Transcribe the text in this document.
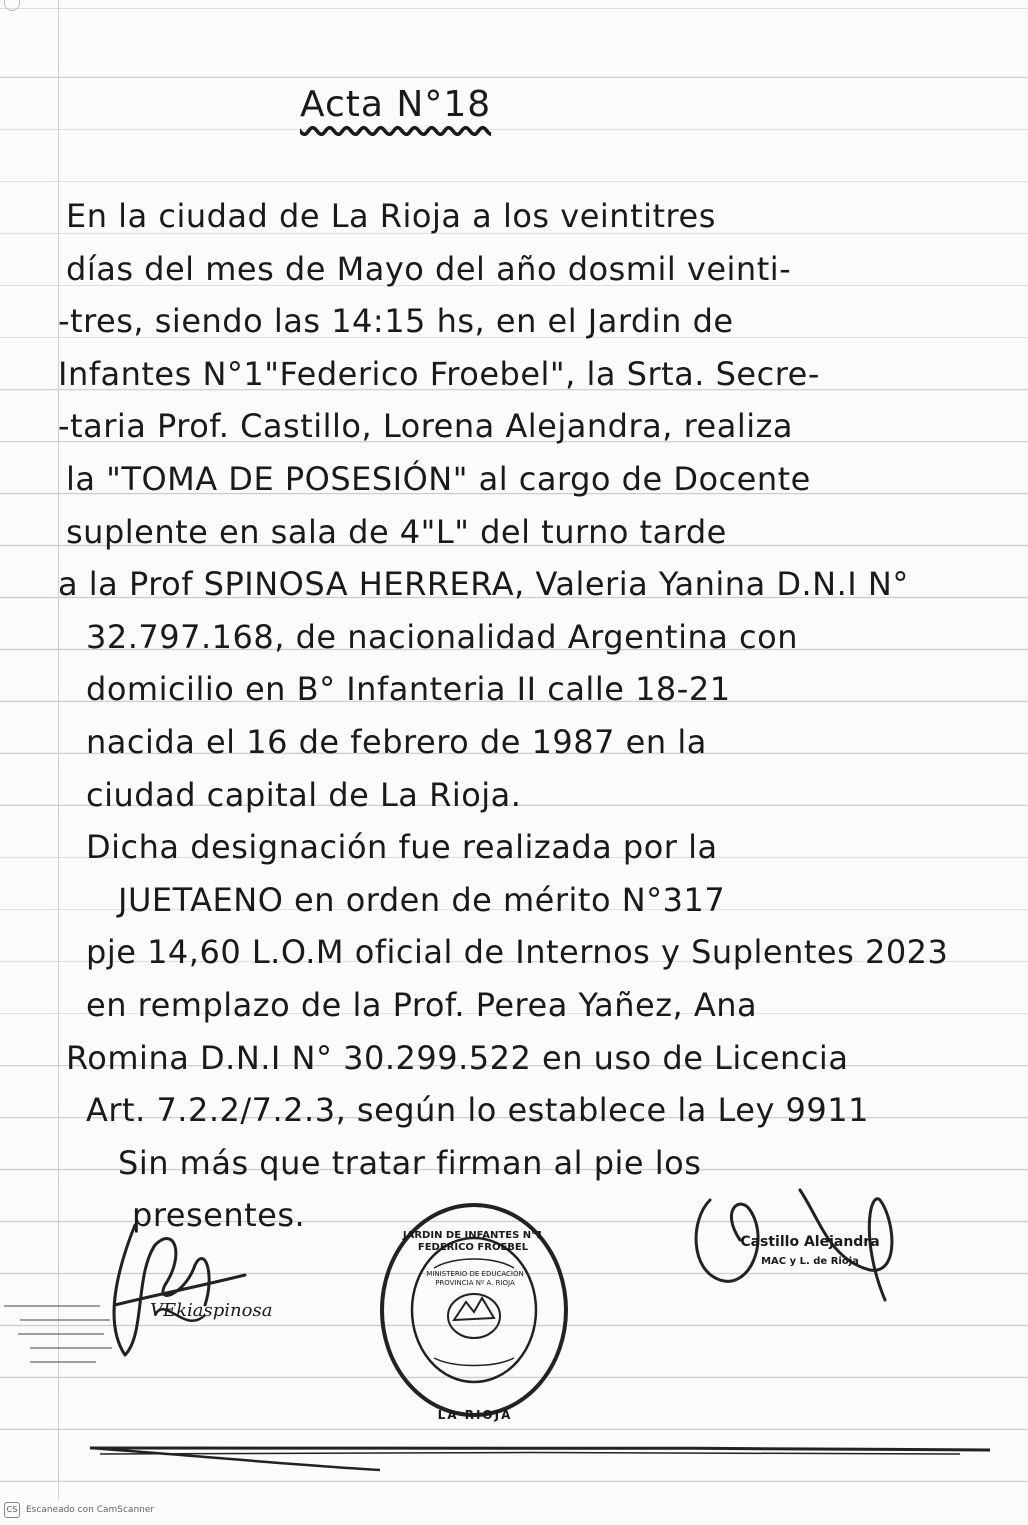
Acta N°18
En la ciudad de La Rioja a los veintitres
días del mes de Mayo del año dosmil veinti-
-tres, siendo las 14:15 hs, en el Jardin de
Infantes N°1"Federico Froebel", la Srta. Secre-
-taria Prof. Castillo, Lorena Alejandra, realiza
la "TOMA DE POSESIÓN" al cargo de Docente
suplente en sala de 4"L" del turno tarde
a la Prof SPINOSA HERRERA, Valeria Yanina D.N.I N°
32.797.168, de nacionalidad Argentina con
domicilio en B° Infanteria II calle 18-21
nacida el 16 de febrero de 1987 en la
ciudad capital de La Rioja.
Dicha designación fue realizada por la
JUETAENO en orden de mérito N°317
pje 14,60 L.O.M oficial de Internos y Suplentes 2023
en remplazo de la Prof. Perea Yañez, Ana
Romina D.N.I N° 30.299.522 en uso de Licencia
Art. 7.2.2/7.2.3, según lo establece la Ley 9911
Sin más que tratar firman al pie los
presentes.
VEkiaspinosa
JARDIN DE INFANTES N°1 FEDERICO FROEBEL
MINISTERIO DE EDUCACIÓN PROVINCIA Nº A. RIOJA
LA RIOJA
Castillo Alejandra
MAC y L. de Rioja
CS Escaneado con CamScanner
